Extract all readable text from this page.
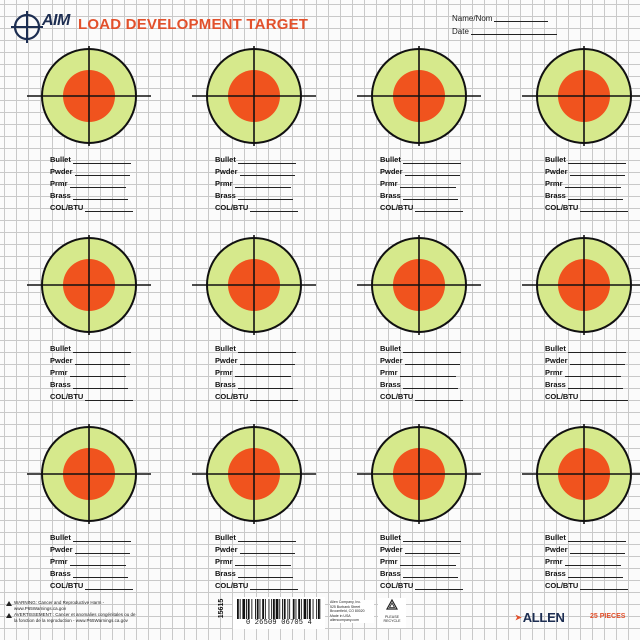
AIM LOAD DEVELOPMENT TARGET	Name/Nom
Date
Bullet
Pwder
Prmr
Brass
COL/BTU
Bullet
Pwder
Prmr
Brass
COL/BTU
Bullet
Pwder
Prmr
Brass
COL/BTU
Bullet
Pwder
Prmr
Brass
COL/BTU
Bullet
Pwder
Prmr
Brass
COL/BTU
Bullet
Pwder
Prmr
Brass
COL/BTU
Bullet
Pwder
Prmr
Brass
COL/BTU
Bullet
Pwder
Prmr
Brass
COL/BTU
Bullet
Pwder
Prmr
Brass
COL/BTU
Bullet
Pwder
Prmr
Brass
COL/BTU
Bullet
Pwder
Prmr
Brass
COL/BTU
Bullet
Pwder
Prmr
Brass
COL/BTU
WARNING: Cancer and Reproductive Harm -
www.P65Warnings.ca.gov
AVERTISSEMENT : Cancer et anomalies congénitales ou de
la fonction de la reproduction - www.P65Warnings.ca.gov
15615
0 26509 06705 4
Allen Company, Inc.
525 Burbank Street
Broomfield, CO 80020
Made in USA
allencompany.com
PLEASE RECYCLE	➤ ALLEN	25 PIECES
